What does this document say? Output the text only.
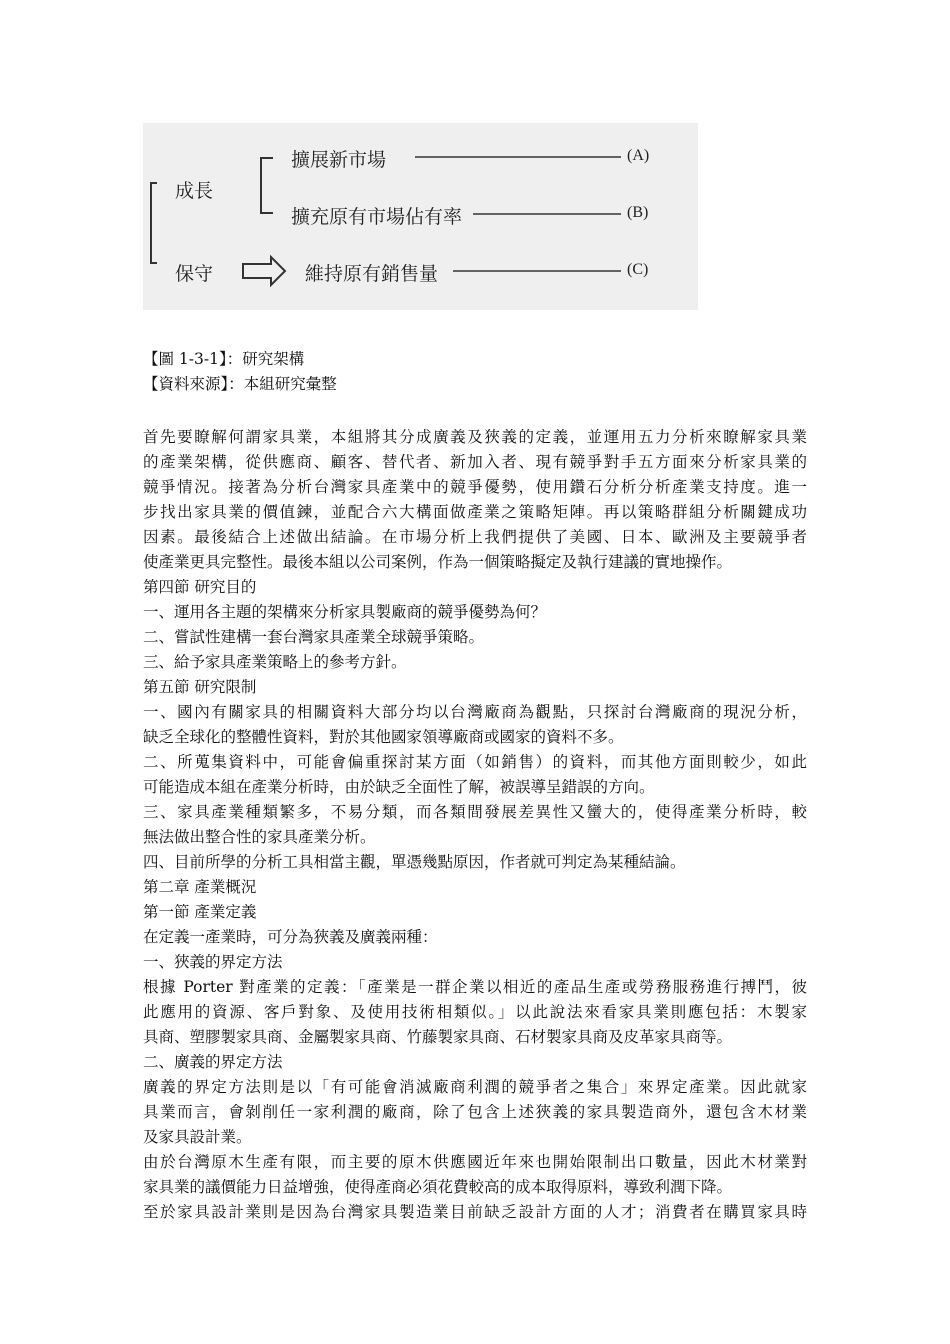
成長
保守
擴展新市場
擴充原有市場佔有率
維持原有銷售量
(A)
(B)
(C)
【圖 1-3-1】：研究架構
【資料來源】：本組研究彙整
首先要瞭解何謂家具業，本組將其分成廣義及狹義的定義，並運用五力分析來瞭解家具業
的產業架構，從供應商、顧客、替代者、新加入者、現有競爭對手五方面來分析家具業的
競爭情況。接著為分析台灣家具產業中的競爭優勢，使用鑽石分析分析產業支持度。進一
步找出家具業的價值鍊，並配合六大構面做產業之策略矩陣。再以策略群組分析關鍵成功
因素。最後結合上述做出結論。在市場分析上我們提供了美國、日本、歐洲及主要競爭者
使產業更具完整性。最後本組以公司案例，作為一個策略擬定及執行建議的實地操作。
第四節 研究目的
一、運用各主題的架構來分析家具製廠商的競爭優勢為何？
二、嘗試性建構一套台灣家具產業全球競爭策略。
三、給予家具產業策略上的參考方針。
第五節 研究限制
一、國內有關家具的相關資料大部分均以台灣廠商為觀點，只探討台灣廠商的現況分析，
缺乏全球化的整體性資料，對於其他國家領導廠商或國家的資料不多。
二、所蒐集資料中，可能會偏重探討某方面（如銷售）的資料，而其他方面則較少，如此
可能造成本組在產業分析時，由於缺乏全面性了解，被誤導呈錯誤的方向。
三、家具產業種類繁多，不易分類，而各類間發展差異性又蠻大的，使得產業分析時，較
無法做出整合性的家具產業分析。
四、目前所學的分析工具相當主觀，單憑幾點原因，作者就可判定為某種結論。
第二章 產業概況
第一節 產業定義
在定義一產業時，可分為狹義及廣義兩種：
一、狹義的界定方法
根據 Porter 對產業的定義：「產業是一群企業以相近的產品生產或勞務服務進行搏鬥，彼
此應用的資源、客戶對象、及使用技術相類似。」以此說法來看家具業則應包括：木製家
具商、塑膠製家具商、金屬製家具商、竹藤製家具商、石材製家具商及皮革家具商等。
二、廣義的界定方法
廣義的界定方法則是以「有可能會消滅廠商利潤的競爭者之集合」來界定產業。因此就家
具業而言，會剝削任一家利潤的廠商，除了包含上述狹義的家具製造商外，還包含木材業
及家具設計業。
由於台灣原木生產有限，而主要的原木供應國近年來也開始限制出口數量，因此木材業對
家具業的議價能力日益增強，使得產商必須花費較高的成本取得原料，導致利潤下降。
至於家具設計業則是因為台灣家具製造業目前缺乏設計方面的人才；消費者在購買家具時
